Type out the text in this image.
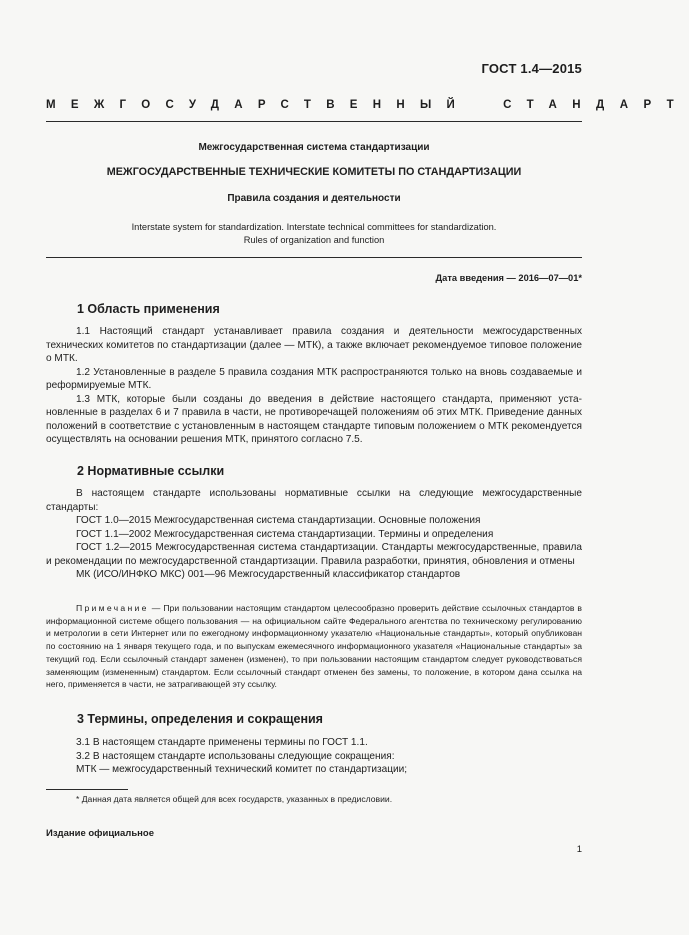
ГОСТ 1.4—2015
МЕЖГОСУДАРСТВЕННЫЙ	СТАНДАРТ
Межгосударственная система стандартизации
МЕЖГОСУДАРСТВЕННЫЕ ТЕХНИЧЕСКИЕ КОМИТЕТЫ ПО СТАНДАРТИЗАЦИИ
Правила создания и деятельности
Interstate system for standardization. Interstate technical committees for standardization.
Rules of organization and function
Дата введения — 2016—07—01*
1 Область применения

1.1 Настоящий стандарт устанавливает правила создания и деятельности межгосударственных технических комитетов по стандартизации (далее — МТК), а также включает рекомендуемое типовое положение о МТК.

1.2 Установленные в разделе 5 правила создания МТК распространяются только на вновь создаваемые и реформируемые МТК.

1.3 МТК, которые были созданы до введения в действие настоящего стандарта, применяют установленные в разделах 6 и 7 правила в части, не противоречащей положениям об этих МТК. Приведение данных положений в соответствие с установленным в настоящем стандарте типовым положением о МТК рекомендуется осуществлять на основании решения МТК, принятого согласно 7.5.

2 Нормативные ссылки

В настоящем стандарте использованы нормативные ссылки на следующие межгосударственные стандарты:

ГОСТ 1.0—2015 Межгосударственная система стандартизации. Основные положения

ГОСТ 1.1—2002 Межгосударственная система стандартизации. Термины и определения

ГОСТ 1.2—2015 Межгосударственная система стандартизации. Стандарты межгосударственные, правила и рекомендации по межгосударственной стандартизации. Правила разработки, принятия, обновления и отмены

МК (ИСО/ИНФКО МКС) 001—96 Межгосударственный классификатор стандартов

Примечание — При пользовании настоящим стандартом целесообразно проверить действие ссылочных стандартов в информационной системе общего пользования — на официальном сайте Федерального агентства по техническому регулированию и метрологии в сети Интернет или по ежегодному информационному указателю «Национальные стандарты», который опубликован по состоянию на 1 января текущего года, и по выпускам ежемесячного информационного указателя «Национальные стандарты» за текущий год. Если ссылочный стандарт заменен (изменен), то при пользовании настоящим стандартом следует руководствоваться заменяющим (измененным) стандартом. Если ссылочный стандарт отменен без замены, то положение, в котором дана ссылка на него, применяется в части, не затрагивающей эту ссылку.

3 Термины, определения и сокращения

3.1 В настоящем стандарте применены термины по ГОСТ 1.1.

3.2 В настоящем стандарте использованы следующие сокращения:

МТК — межгосударственный технический комитет по стандартизации;

* Данная дата является общей для всех государств, указанных в предисловии.
Издание официальное
1
